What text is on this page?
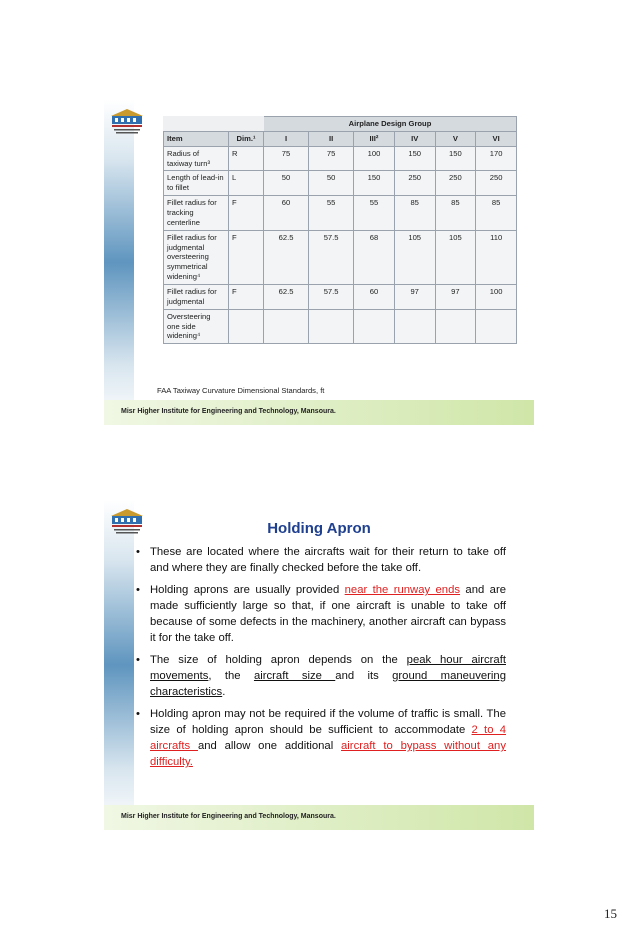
		Airplane Design Group					
Item	Dim.¹	I	II	III²	IV	V	VI
Radius of taxiway turn³	R	75	75	100	150	150	170
Length of lead-in to fillet	L	50	50	150	250	250	250
Fillet radius for tracking centerline	F	60	55	55	85	85	85
Fillet radius for judgmental oversteering symmetrical widening⁴	F	62.5	57.5	68	105	105	110
Fillet radius for judgmental	F	62.5	57.5	60	97	97	100
Oversteering one side widening⁴							
FAA Taxiway Curvature Dimensional Standards, ft
Misr Higher Institute for Engineering and Technology, Mansoura.
Holding Apron
• These are located where the aircrafts wait for their return to take off and where they are finally checked before the take off.
• Holding aprons are usually provided near the runway ends and are made sufficiently large so that, if one aircraft is unable to take off because of some defects in the machinery, another aircraft can bypass it for the take off.
• The size of holding apron depends on the peak hour aircraft movements, the aircraft size and its ground maneuvering characteristics.
• Holding apron may not be required if the volume of traffic is small. The size of holding apron should be sufficient to accommodate 2 to 4 aircrafts and allow one additional aircraft to bypass without any difficulty.
Misr Higher Institute for Engineering and Technology, Mansoura.
15
